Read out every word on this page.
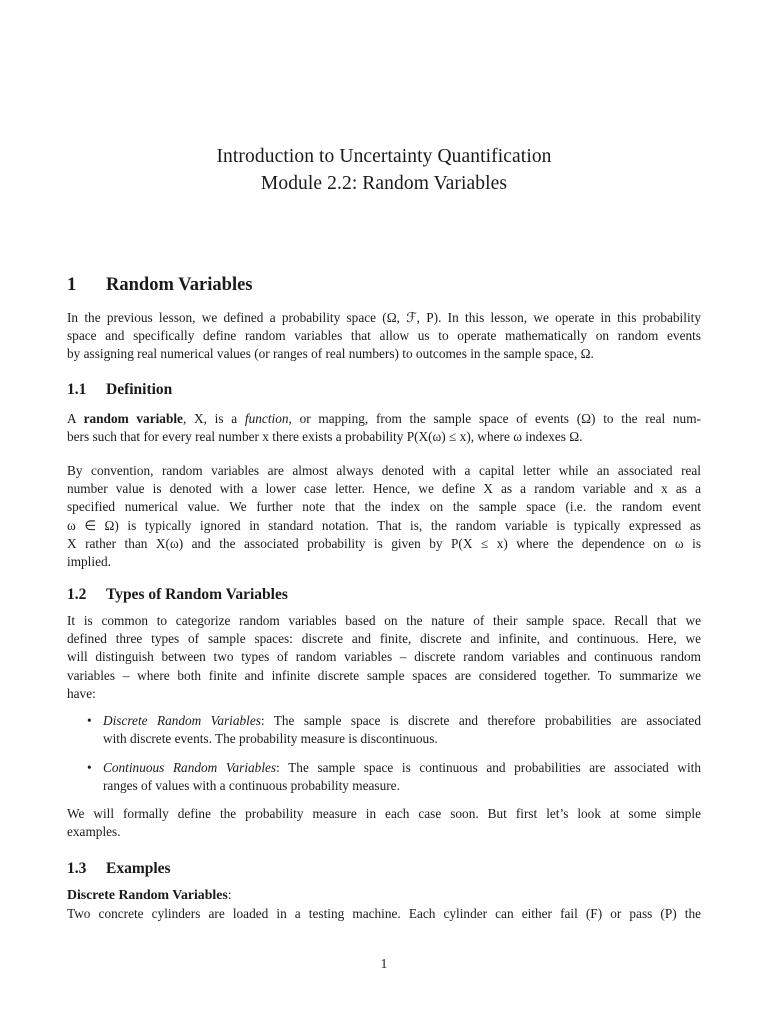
Introduction to Uncertainty Quantification
Module 2.2: Random Variables
1	Random Variables
In the previous lesson, we defined a probability space (Ω, ℱ, P). In this lesson, we operate in this probability
space and specifically define random variables that allow us to operate mathematically on random events
by assigning real numerical values (or ranges of real numbers) to outcomes in the sample space, Ω.
1.1	Definition
A random variable, X, is a function, or mapping, from the sample space of events (Ω) to the real num-
bers such that for every real number x there exists a probability P(X(ω) ≤ x), where ω indexes Ω.
By convention, random variables are almost always denoted with a capital letter while an associated real
number value is denoted with a lower case letter. Hence, we define X as a random variable and x as a
specified numerical value. We further note that the index on the sample space (i.e. the random event
ω ∈ Ω) is typically ignored in standard notation. That is, the random variable is typically expressed as
X rather than X(ω) and the associated probability is given by P(X ≤ x) where the dependence on ω is
implied.
1.2	Types of Random Variables
It is common to categorize random variables based on the nature of their sample space. Recall that we
defined three types of sample spaces: discrete and finite, discrete and infinite, and continuous. Here, we
will distinguish between two types of random variables – discrete random variables and continuous random
variables – where both finite and infinite discrete sample spaces are considered together. To summarize we
have:
• Discrete Random Variables: The sample space is discrete and therefore probabilities are associated
with discrete events. The probability measure is discontinuous.
• Continuous Random Variables: The sample space is continuous and probabilities are associated with
ranges of values with a continuous probability measure.
We will formally define the probability measure in each case soon. But first let’s look at some simple
examples.
1.3	Examples
Discrete Random Variables:
Two concrete cylinders are loaded in a testing machine. Each cylinder can either fail (F) or pass (P) the
1
